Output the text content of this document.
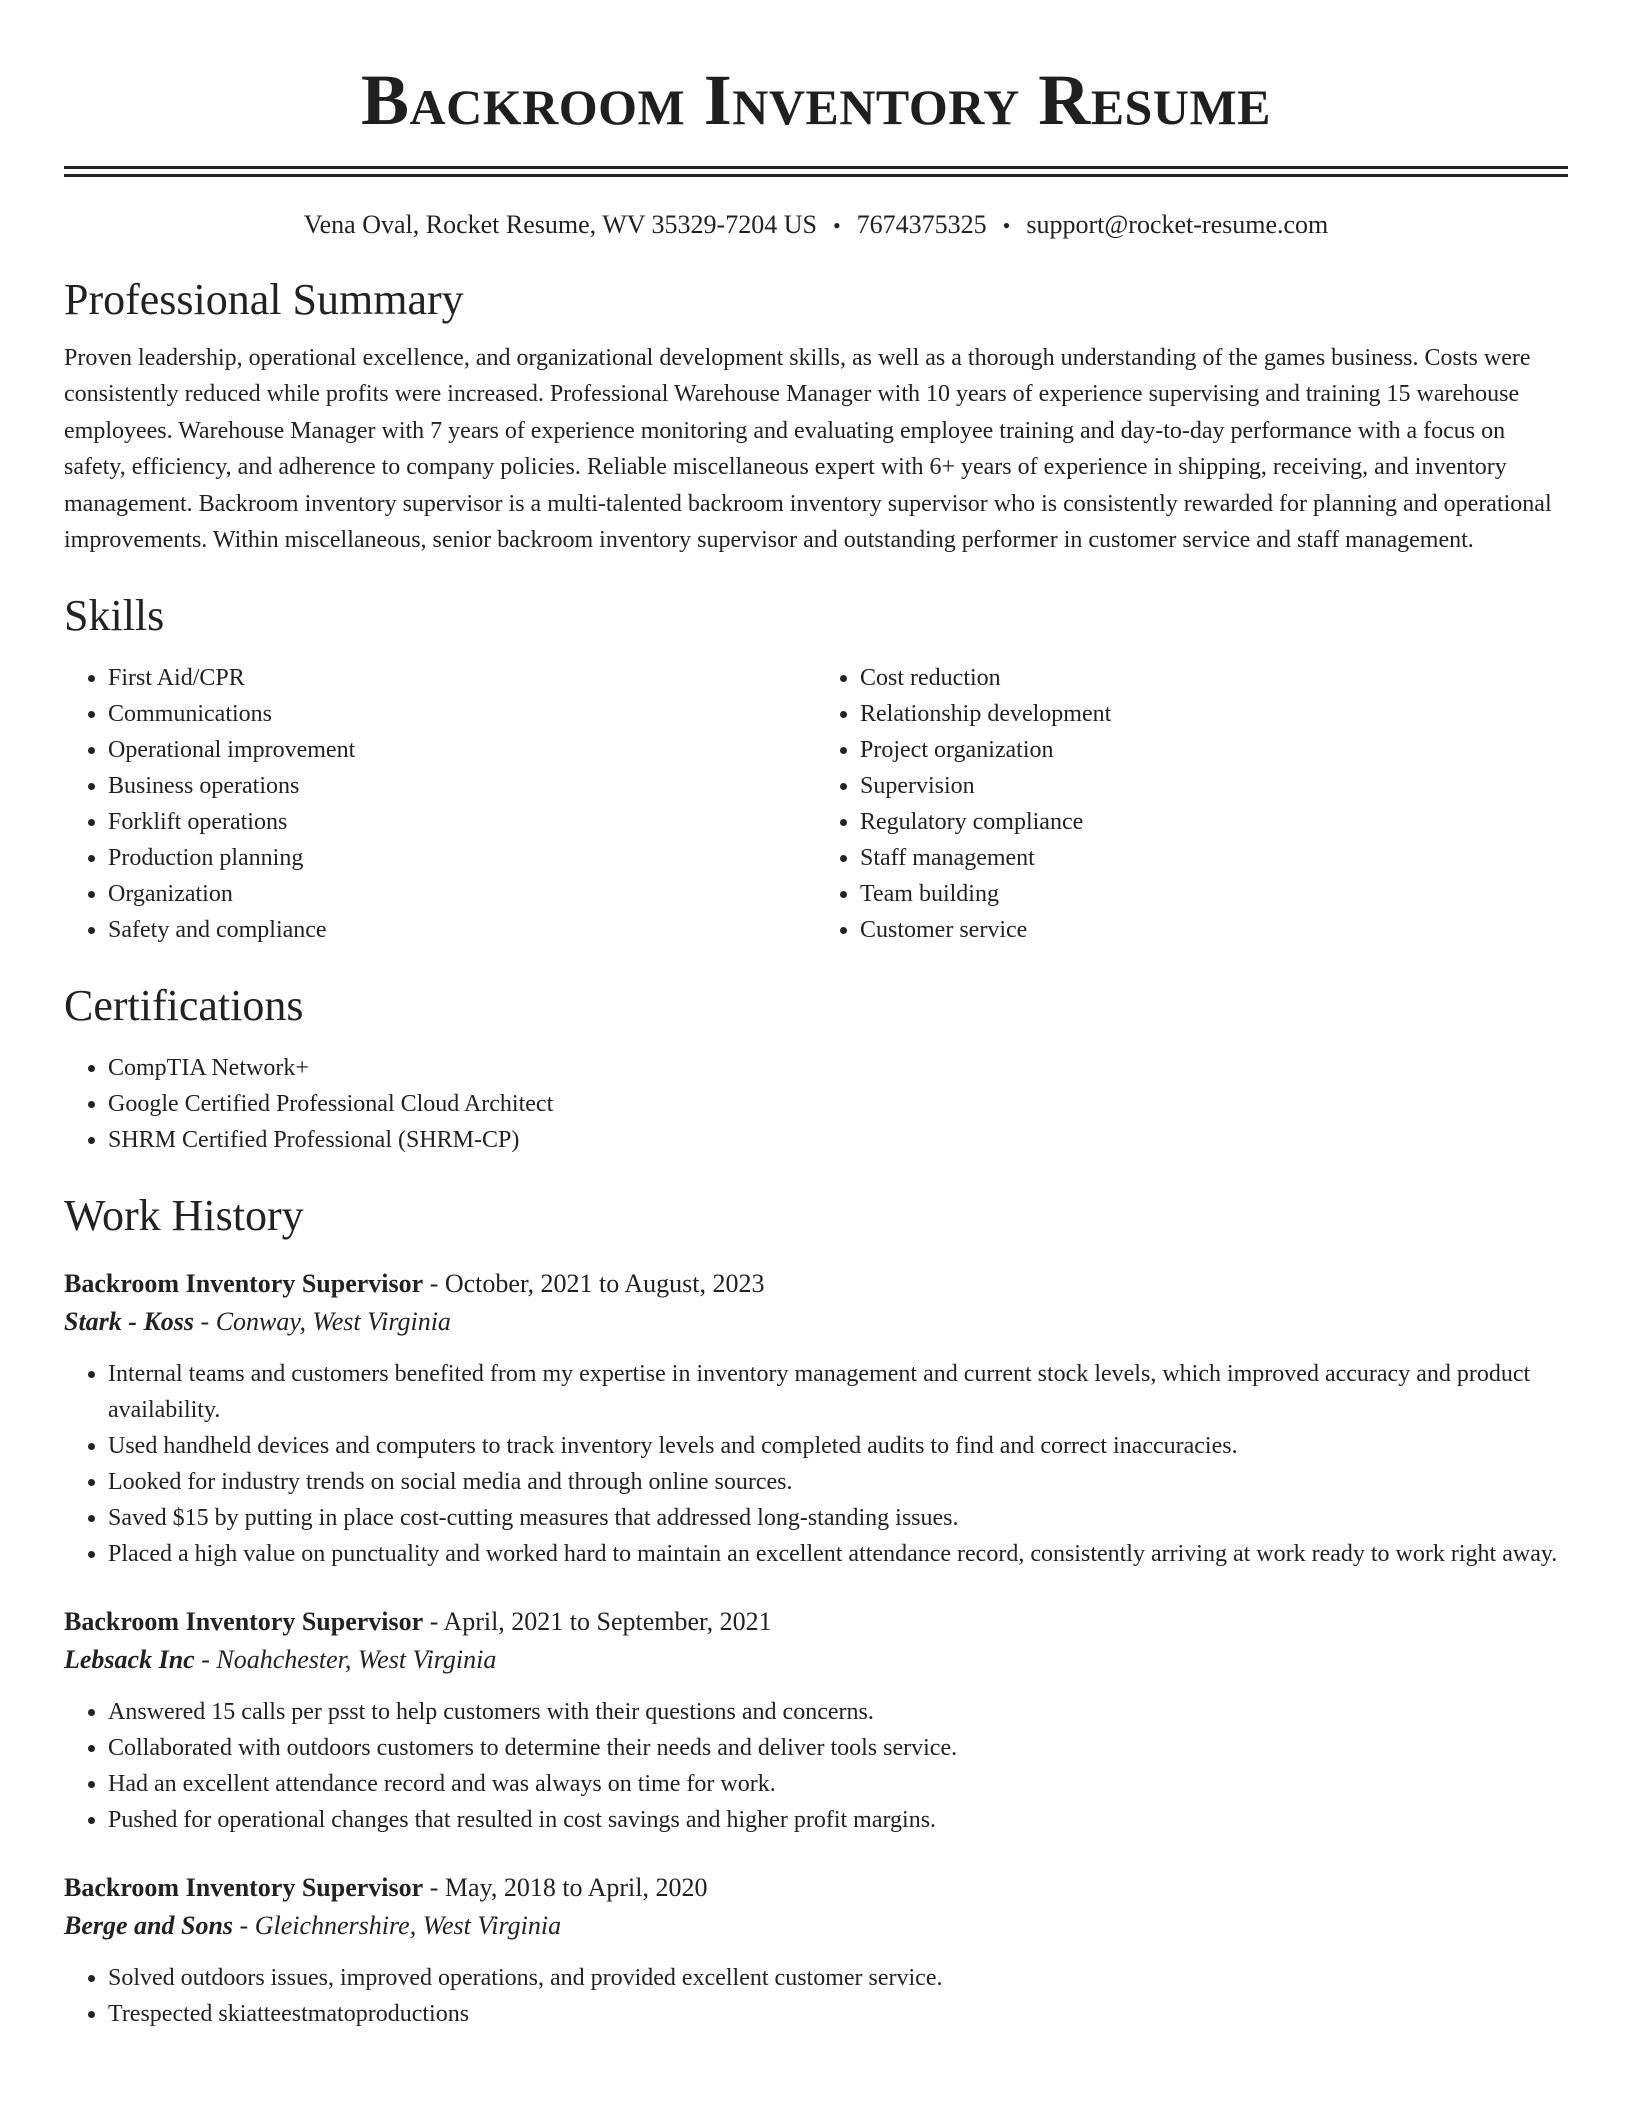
Backroom Inventory Resume
Vena Oval, Rocket Resume, WV 35329-7204 US • 7674375325 • support@rocket-resume.com
Professional Summary

Proven leadership, operational excellence, and organizational development skills, as well as a thorough understanding of the games business. Costs were consistently reduced while profits were increased. Professional Warehouse Manager with 10 years of experience supervising and training 15 warehouse employees. Warehouse Manager with 7 years of experience monitoring and evaluating employee training and day-to-day performance with a focus on safety, efficiency, and adherence to company policies. Reliable miscellaneous expert with 6+ years of experience in shipping, receiving, and inventory management. Backroom inventory supervisor is a multi-talented backroom inventory supervisor who is consistently rewarded for planning and operational improvements. Within miscellaneous, senior backroom inventory supervisor and outstanding performer in customer service and staff management.

Skills
• First Aid/CPR
• Communications
• Operational improvement
• Business operations
• Forklift operations
• Production planning
• Organization
• Safety and compliance
• Cost reduction
• Relationship development
• Project organization
• Supervision
• Regulatory compliance
• Staff management
• Team building
• Customer service
Certifications
• CompTIA Network+
• Google Certified Professional Cloud Architect
• SHRM Certified Professional (SHRM-CP)
Work History
Backroom Inventory Supervisor - October, 2021 to August, 2023
Stark - Koss - Conway, West Virginia
• Internal teams and customers benefited from my expertise in inventory management and current stock levels, which improved accuracy and product availability.
• Used handheld devices and computers to track inventory levels and completed audits to find and correct inaccuracies.
• Looked for industry trends on social media and through online sources.
• Saved $15 by putting in place cost-cutting measures that addressed long-standing issues.
• Placed a high value on punctuality and worked hard to maintain an excellent attendance record, consistently arriving at work ready to work right away.
Backroom Inventory Supervisor - April, 2021 to September, 2021
Lebsack Inc - Noahchester, West Virginia
• Answered 15 calls per psst to help customers with their questions and concerns.
• Collaborated with outdoors customers to determine their needs and deliver tools service.
• Had an excellent attendance record and was always on time for work.
• Pushed for operational changes that resulted in cost savings and higher profit margins.
Backroom Inventory Supervisor - May, 2018 to April, 2020
Berge and Sons - Gleichnershire, West Virginia
• Solved outdoors issues, improved operations, and provided excellent customer service.
• Trespected skiatteestmatoproductions
